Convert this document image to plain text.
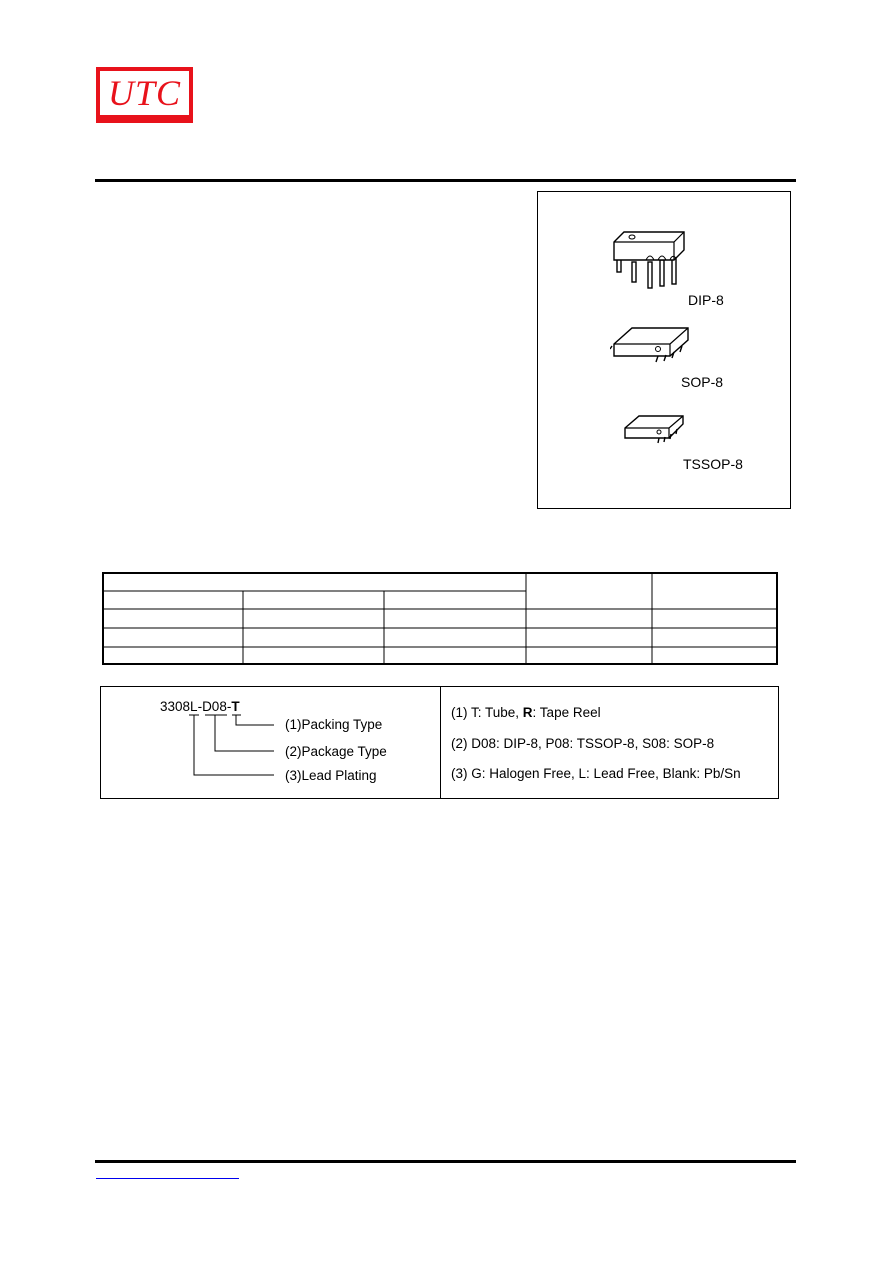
UTC
DIP-8
SOP-8
TSSOP-8
3308L-D08-T
(1)Packing Type
(2)Package Type
(3)Lead Plating
(1) T: Tube, R: Tape Reel
(2) D08: DIP-8, P08: TSSOP-8, S08: SOP-8
(3) G: Halogen Free, L: Lead Free, Blank: Pb/Sn
